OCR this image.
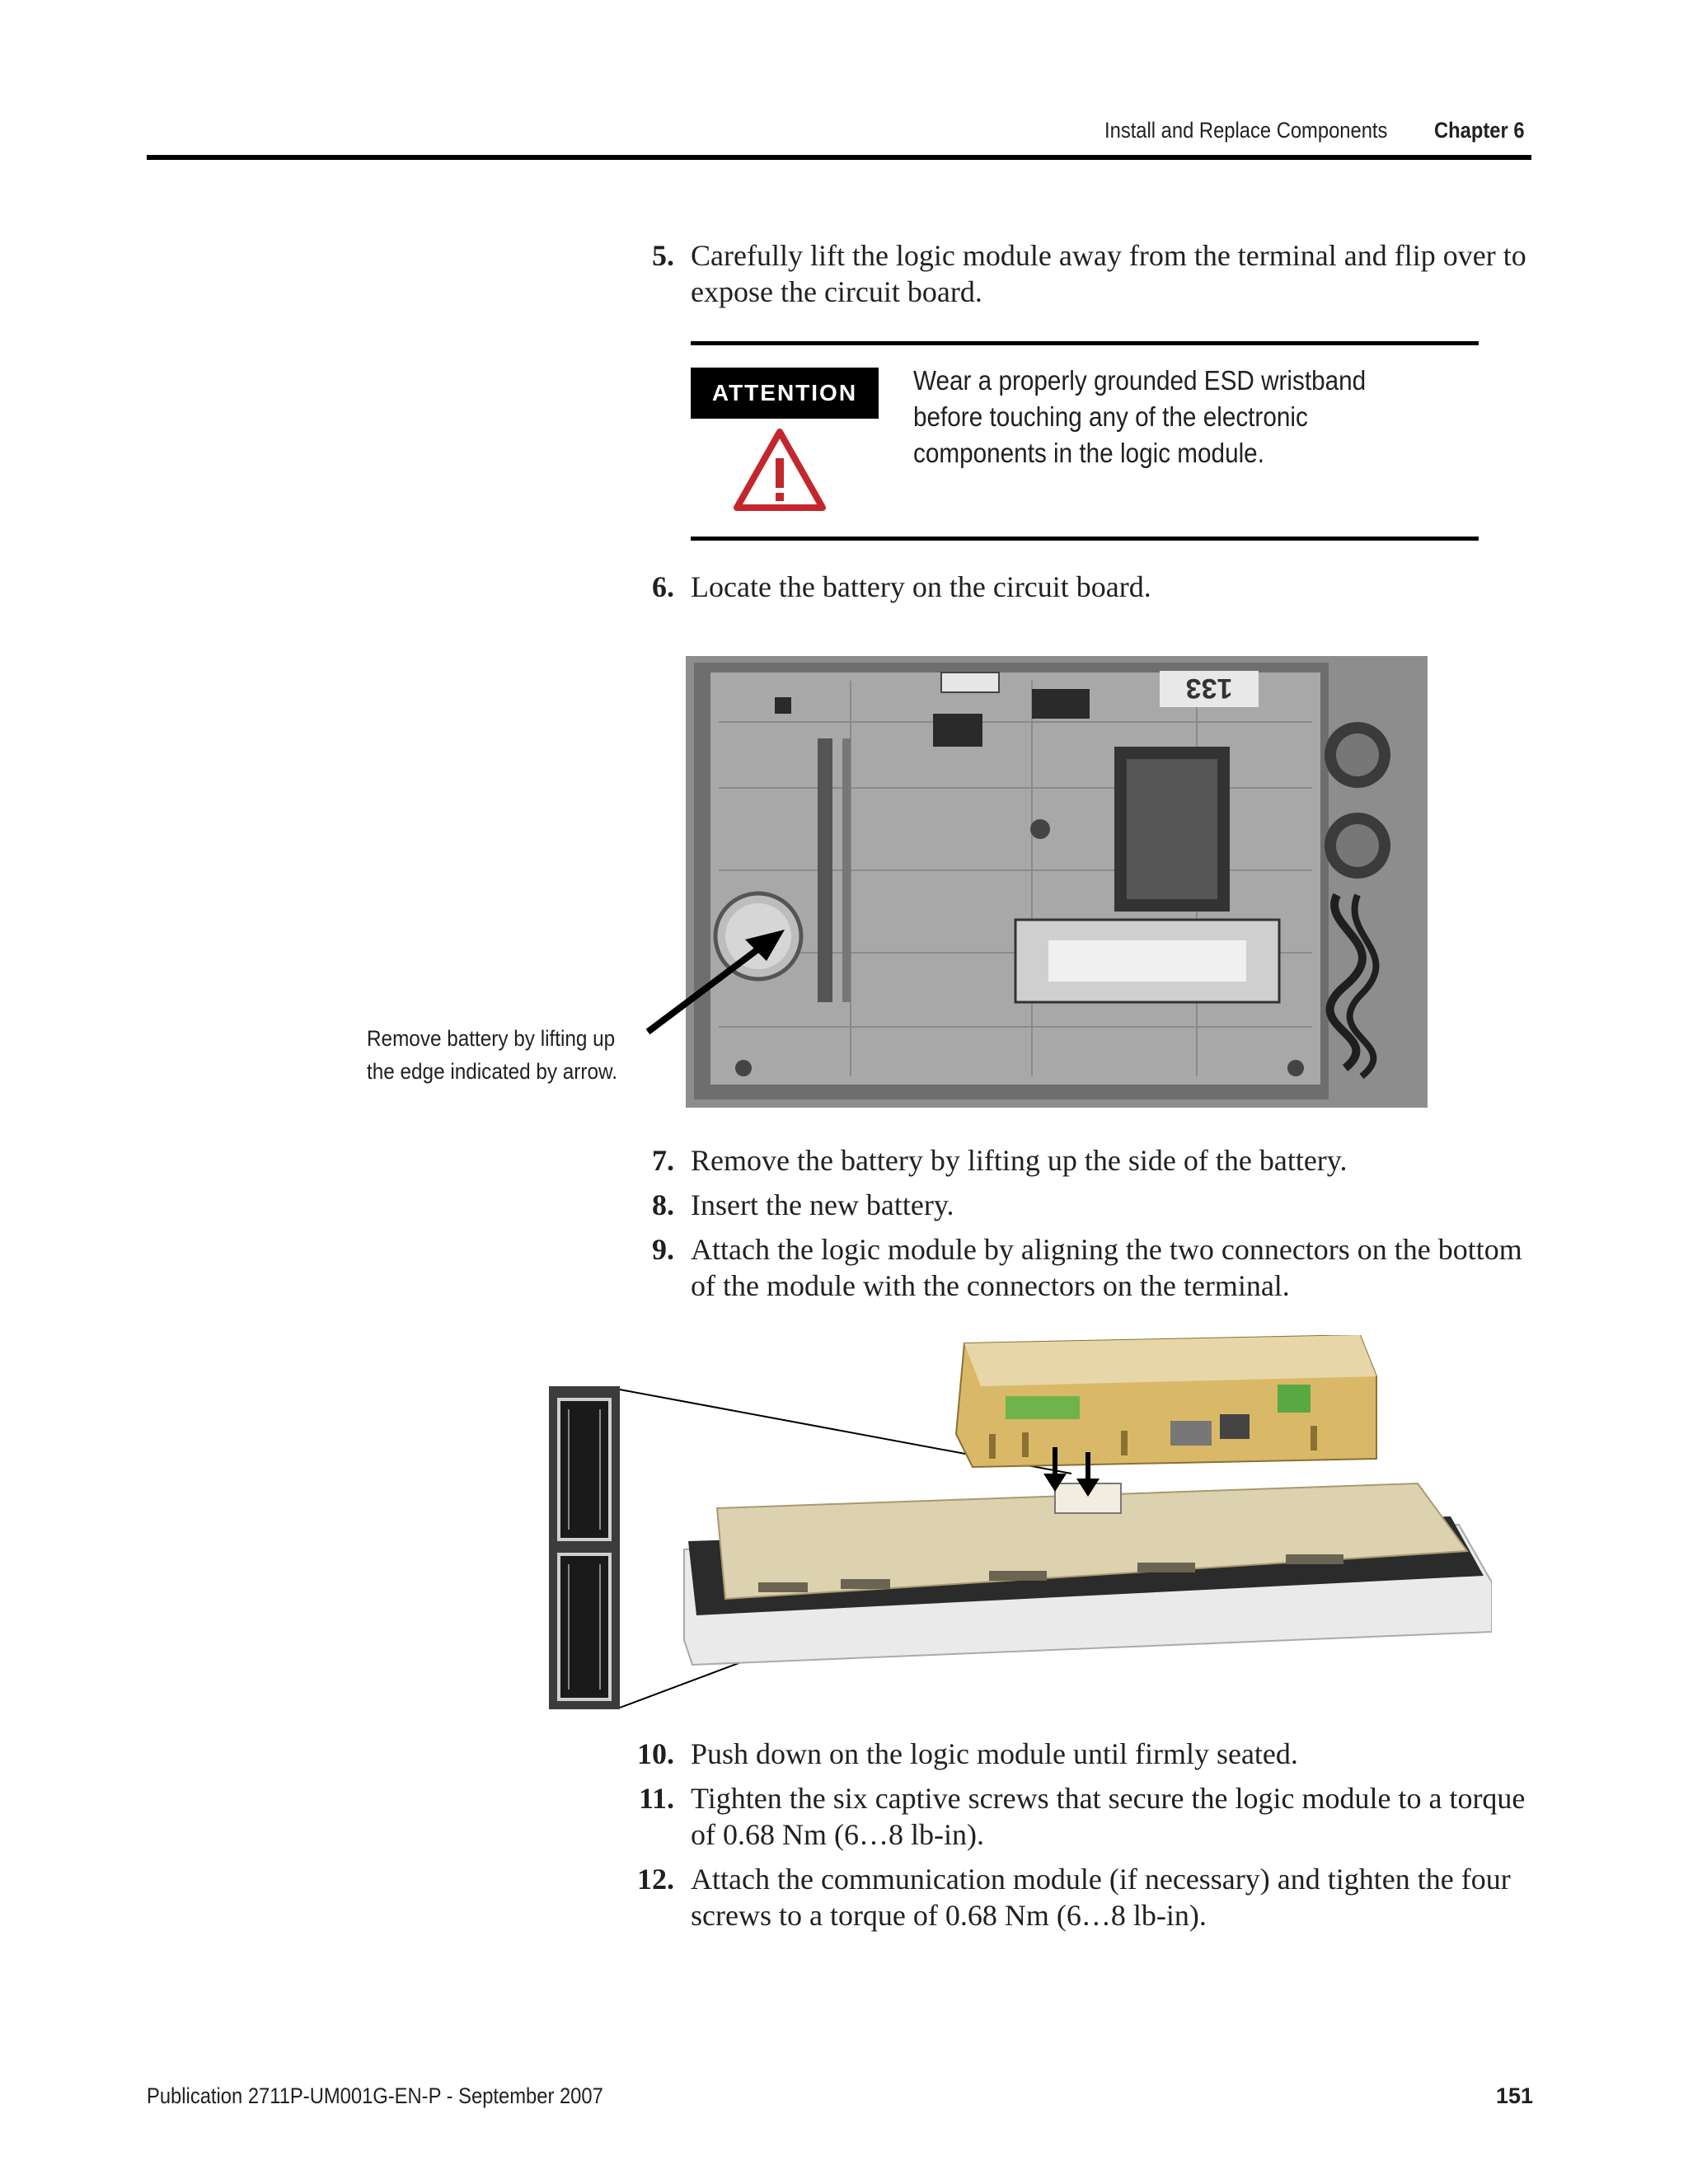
Install and Replace Components Chapter 6
5. Carefully lift the logic module away from the terminal and flip over to expose the circuit board.
ATTENTION	Wear a properly grounded ESD wristband before touching any of the electronic components in the logic module.
6. Locate the battery on the circuit board.
133
Remove battery by lifting up the edge indicated by arrow.
7. Remove the battery by lifting up the side of the battery.
8. Insert the new battery.
9. Attach the logic module by aligning the two connectors on the bottom of the module with the connectors on the terminal.
10. Push down on the logic module until firmly seated.
11. Tighten the six captive screws that secure the logic module to a torque of 0.68 Nm (6…8 lb-in).
12. Attach the communication module (if necessary) and tighten the four screws to a torque of 0.68 Nm (6…8 lb-in).
Publication 2711P-UM001G-EN-P - September 2007	151
